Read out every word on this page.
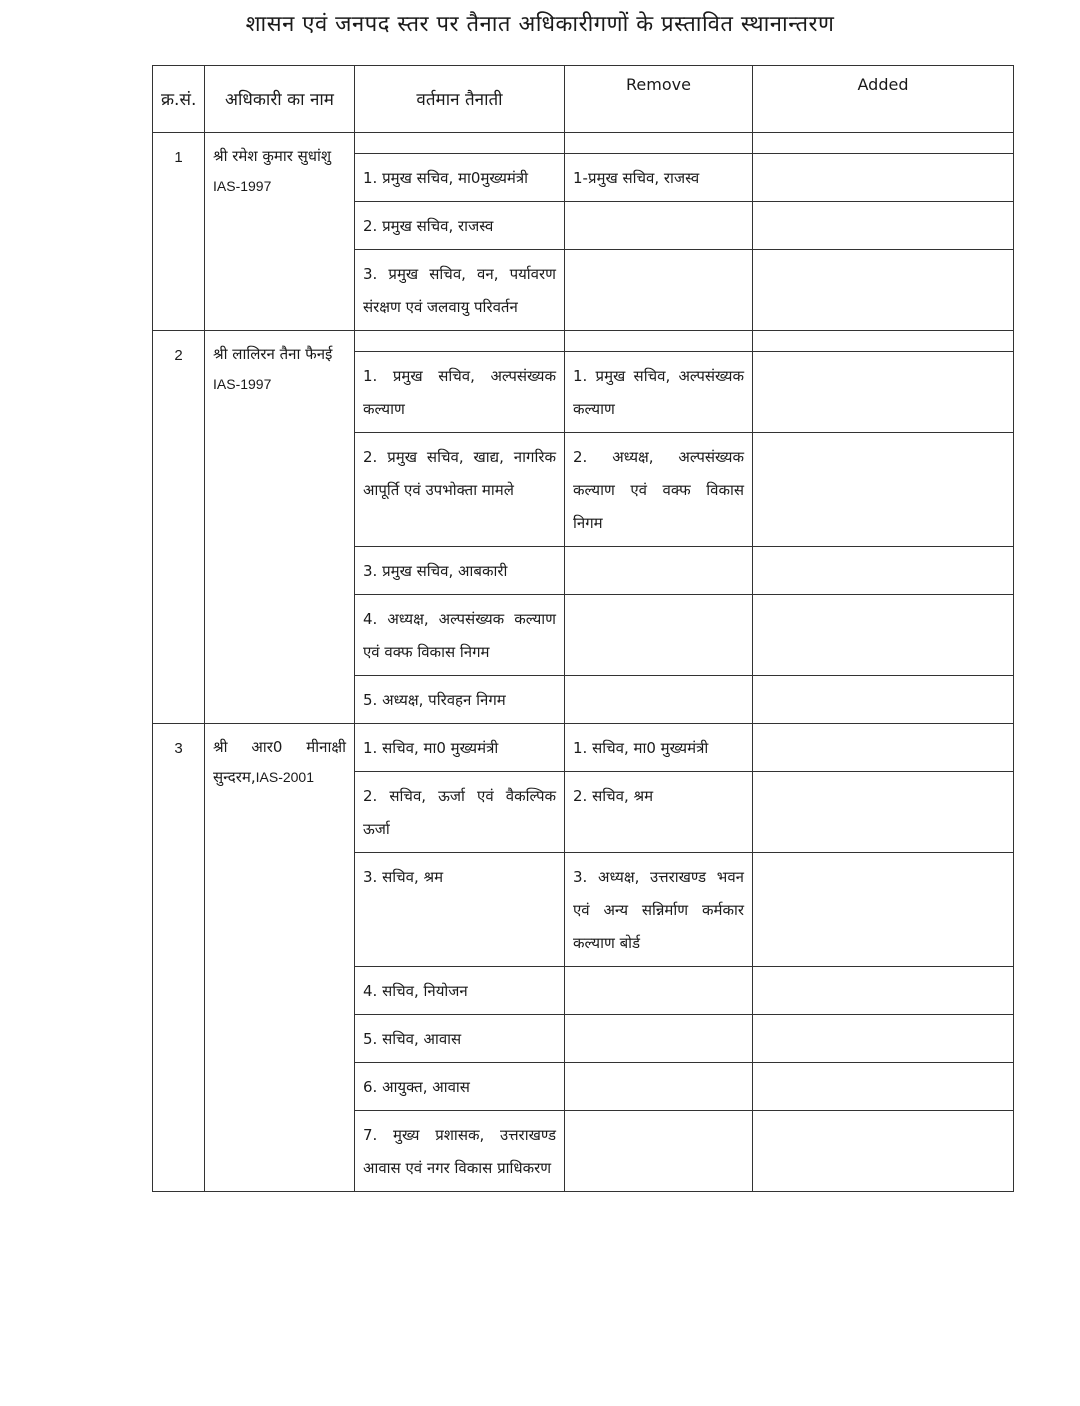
शासन एवं जनपद स्तर पर तैनात अधिकारीगणों के प्रस्तावित स्थानान्तरण
क्र.सं.	अधिकारी का नाम	वर्तमान तैनाती	Remove	Added
1	श्री रमेश कुमार सुधांशु
IAS-1997			

		1. प्रमुख सचिव, मा0मुख्यमंत्री	1-प्रमुख सचिव, राजस्व	
		2. प्रमुख सचिव, राजस्व		
		3. प्रमुख सचिव, वन, पर्यावरण संरक्षण एवं जलवायु परिवर्तन		
2	श्री लालिरन तैना फैनई
IAS-1997			

		1. प्रमुख सचिव, अल्पसंख्यक कल्याण	1. प्रमुख सचिव, अल्पसंख्यक कल्याण	
		2. प्रमुख सचिव, खाद्य, नागरिक आपूर्ति एवं उपभोक्ता मामले	2. अध्यक्ष, अल्पसंख्यक कल्याण एवं वक्फ विकास निगम	
		3. प्रमुख सचिव, आबकारी		
		4. अध्यक्ष, अल्पसंख्यक कल्याण एवं वक्फ विकास निगम		
		5. अध्यक्ष, परिवहन निगम		
3	श्री आर0 मीनाक्षी सुन्दरम,IAS-2001	1. सचिव, मा0 मुख्यमंत्री	1. सचिव, मा0 मुख्यमंत्री	
		2. सचिव, ऊर्जा एवं वैकल्पिक ऊर्जा	2. सचिव, श्रम	
		3. सचिव, श्रम	3. अध्यक्ष, उत्तराखण्ड भवन एवं अन्य सन्निर्माण कर्मकार कल्याण बोर्ड	
		4. सचिव, नियोजन		
		5. सचिव, आवास		
		6. आयुक्त, आवास		
		7. मुख्य प्रशासक, उत्तराखण्ड आवास एवं नगर विकास प्राधिकरण		
